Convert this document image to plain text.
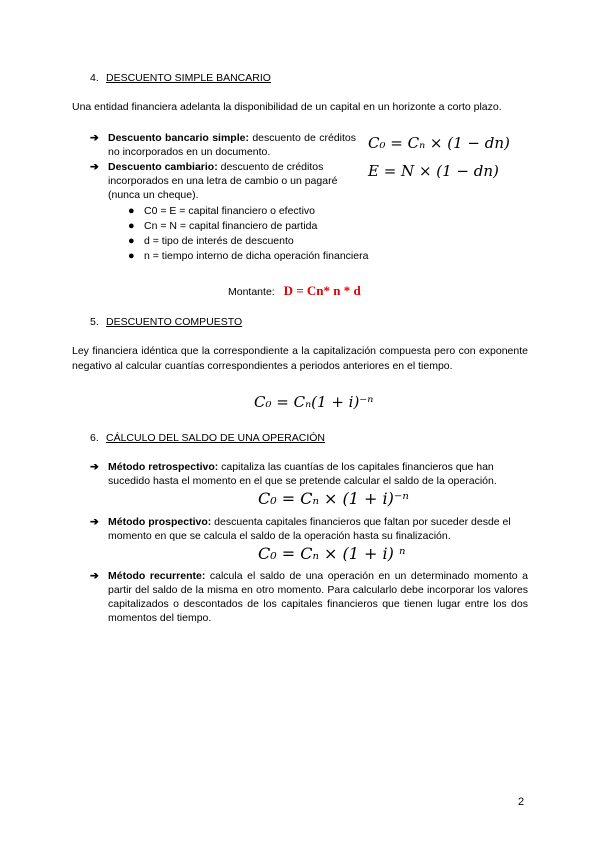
4. DESCUENTO SIMPLE BANCARIO
Una entidad financiera adelanta la disponibilidad de un capital en un horizonte a corto plazo.
➔ Descuento bancario simple: descuento de créditos no incorporados en un documento.
➔ Descuento cambiario: descuento de créditos incorporados en una letra de cambio o un pagaré (nunca un cheque).
C₀ = Cₙ × (1 − dn)
E = N × (1 − dn)
● C0 = E = capital financiero o efectivo
● Cn = N = capital financiero de partida
● d = tipo de interés de descuento
● n = tiempo interno de dicha operación financiera
Montante: D = Cn* n * d
5. DESCUENTO COMPUESTO
Ley financiera idéntica que la correspondiente a la capitalización compuesta pero con exponente negativo al calcular cuantías correspondientes a periodos anteriores en el tiempo.
C₀ = Cₙ(1 + i)⁻ⁿ
6. CÁLCULO DEL SALDO DE UNA OPERACIÓN
➔ Método retrospectivo: capitaliza las cuantías de los capitales financieros que han sucedido hasta el momento en el que se pretende calcular el saldo de la operación.
C₀ = Cₙ × (1 + i)⁻ⁿ
➔ Método prospectivo: descuenta capitales financieros que faltan por suceder desde el momento en que se calcula el saldo de la operación hasta su finalización.
C₀ = Cₙ × (1 + i) ⁿ
➔ Método recurrente: calcula el saldo de una operación en un determinado momento a partir del saldo de la misma en otro momento. Para calcularlo debe incorporar los valores capitalizados o descontados de los capitales financieros que tienen lugar entre los dos momentos del tiempo.
2
